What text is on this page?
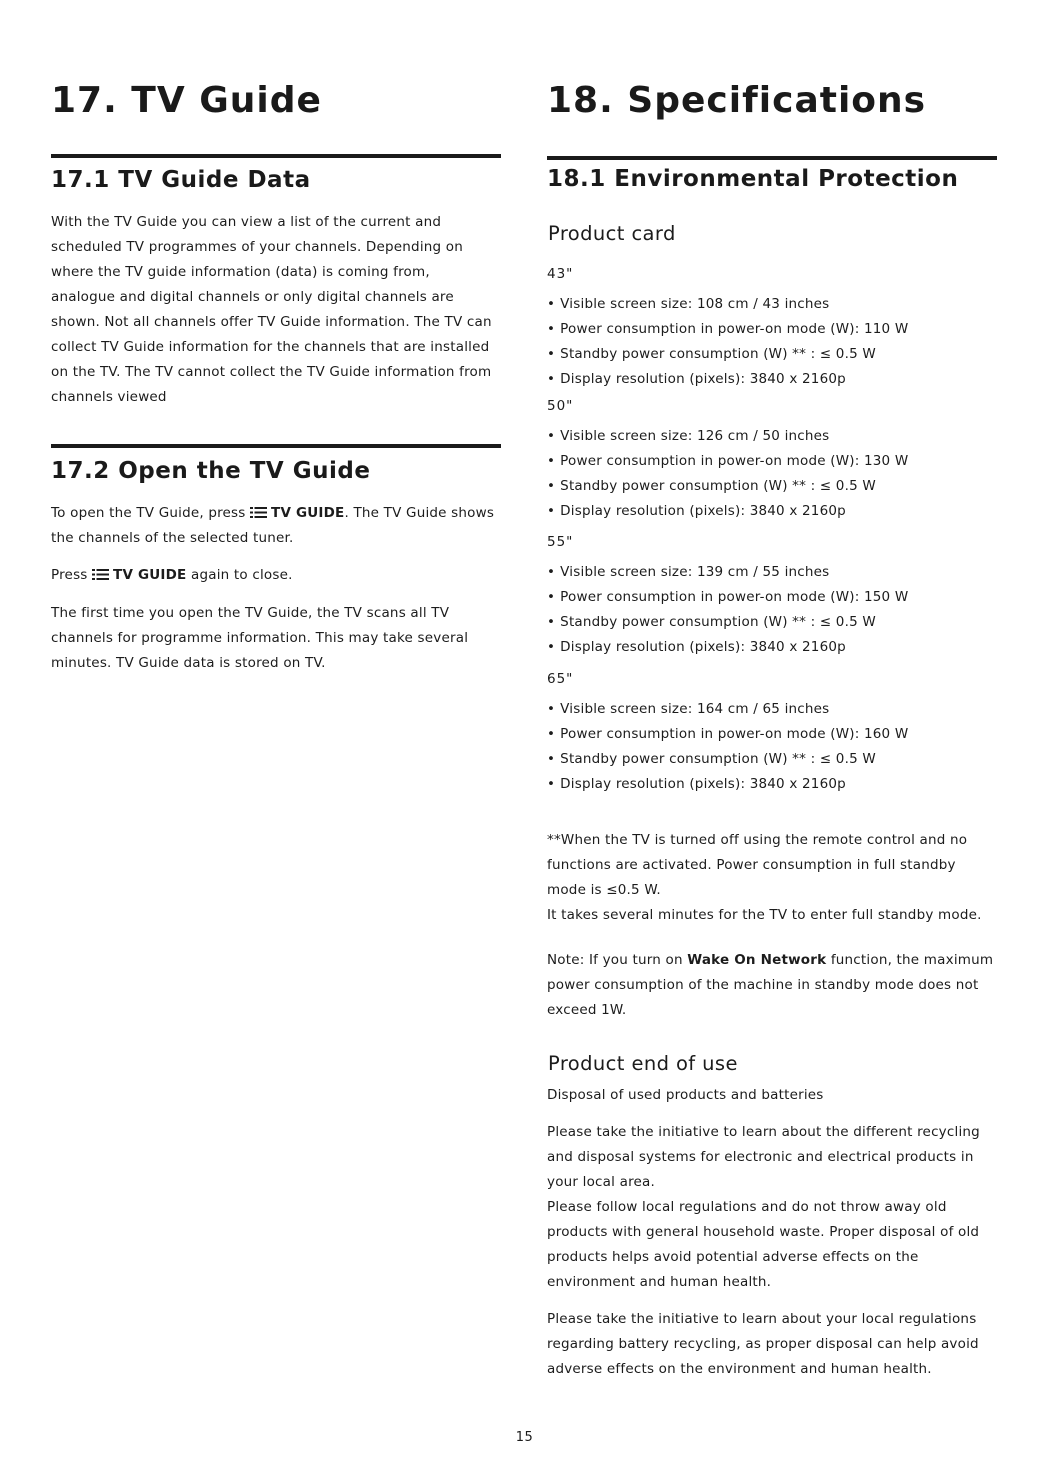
17. TV Guide
17.1 TV Guide Data

With the TV Guide you can view a list of the current and
scheduled TV programmes of your channels. Depending on
where the TV guide information (data) is coming from,
analogue and digital channels or only digital channels are
shown. Not all channels offer TV Guide information. The TV can
collect TV Guide information for the channels that are installed
on the TV. The TV cannot collect the TV Guide information from
channels viewed

17.2 Open the TV Guide

To open the TV Guide, press TV GUIDE. The TV Guide shows
the channels of the selected tuner.

Press TV GUIDE again to close.

The first time you open the TV Guide, the TV scans all TV
channels for programme information. This may take several
minutes. TV Guide data is stored on TV.

18. Specifications
18.1 Environmental Protection
Product card
43"
• Visible screen size: 108 cm / 43 inches
• Power consumption in power-on mode (W): 110 W
• Standby power consumption (W) ** : ≤ 0.5 W
• Display resolution (pixels): 3840 x 2160p
50"
• Visible screen size: 126 cm / 50 inches
• Power consumption in power-on mode (W): 130 W
• Standby power consumption (W) ** : ≤ 0.5 W
• Display resolution (pixels): 3840 x 2160p
55"
• Visible screen size: 139 cm / 55 inches
• Power consumption in power-on mode (W): 150 W
• Standby power consumption (W) ** : ≤ 0.5 W
• Display resolution (pixels): 3840 x 2160p
65"
• Visible screen size: 164 cm / 65 inches
• Power consumption in power-on mode (W): 160 W
• Standby power consumption (W) ** : ≤ 0.5 W
• Display resolution (pixels): 3840 x 2160p

**When the TV is turned off using the remote control and no
functions are activated. Power consumption in full standby
mode is ≤0.5 W.
It takes several minutes for the TV to enter full standby mode.

Note: If you turn on Wake On Network function, the maximum
power consumption of the machine in standby mode does not
exceed 1W.

Product end of use

Disposal of used products and batteries

Please take the initiative to learn about the different recycling
and disposal systems for electronic and electrical products in
your local area.
Please follow local regulations and do not throw away old
products with general household waste. Proper disposal of old
products helps avoid potential adverse effects on the
environment and human health.

Please take the initiative to learn about your local regulations
regarding battery recycling, as proper disposal can help avoid
adverse effects on the environment and human health.

15
